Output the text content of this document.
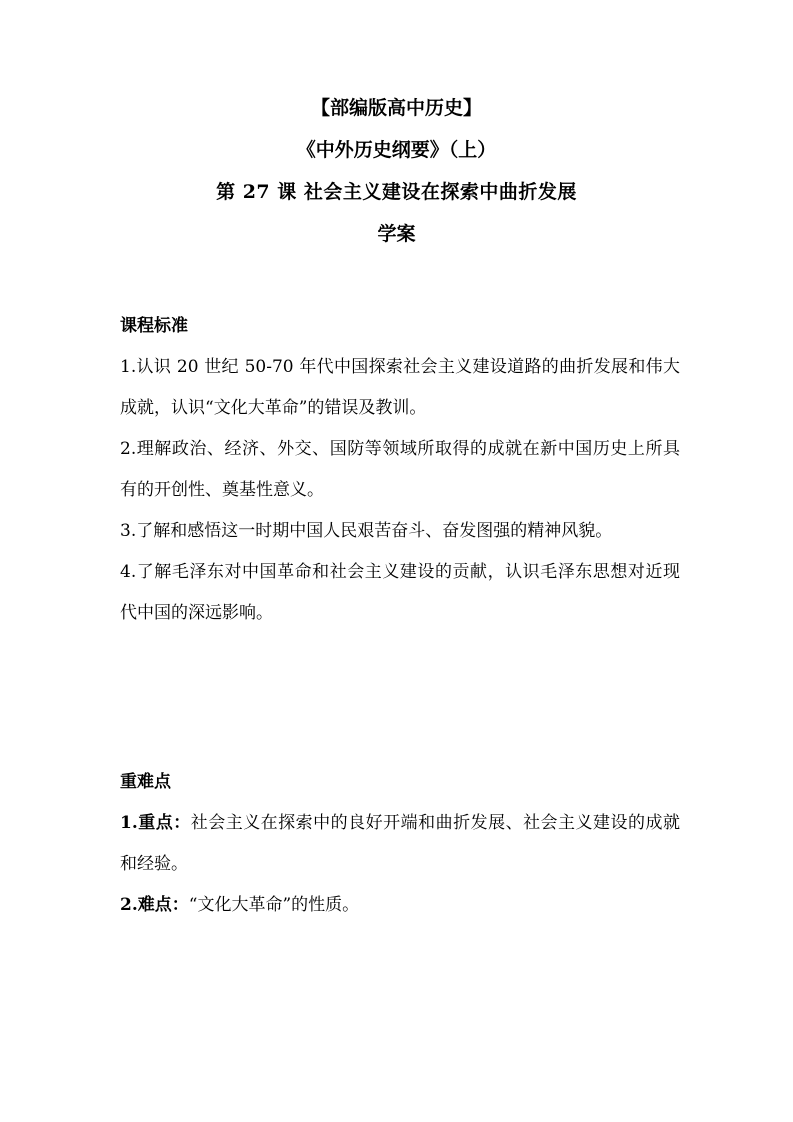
【部编版高中历史】
《中外历史纲要》（上）
第 27 课 社会主义建设在探索中曲折发展
学案
课程标准

1.认识 20 世纪 50-70 年代中国探索社会主义建设道路的曲折发展和伟大成就，认识“文化大革命”的错误及教训。

2.理解政治、经济、外交、国防等领域所取得的成就在新中国历史上所具有的开创性、奠基性意义。

3.了解和感悟这一时期中国人民艰苦奋斗、奋发图强的精神风貌。

4.了解毛泽东对中国革命和社会主义建设的贡献，认识毛泽东思想对近现代中国的深远影响。

重难点

1.重点：社会主义在探索中的良好开端和曲折发展、社会主义建设的成就和经验。

2.难点：“文化大革命”的性质。
